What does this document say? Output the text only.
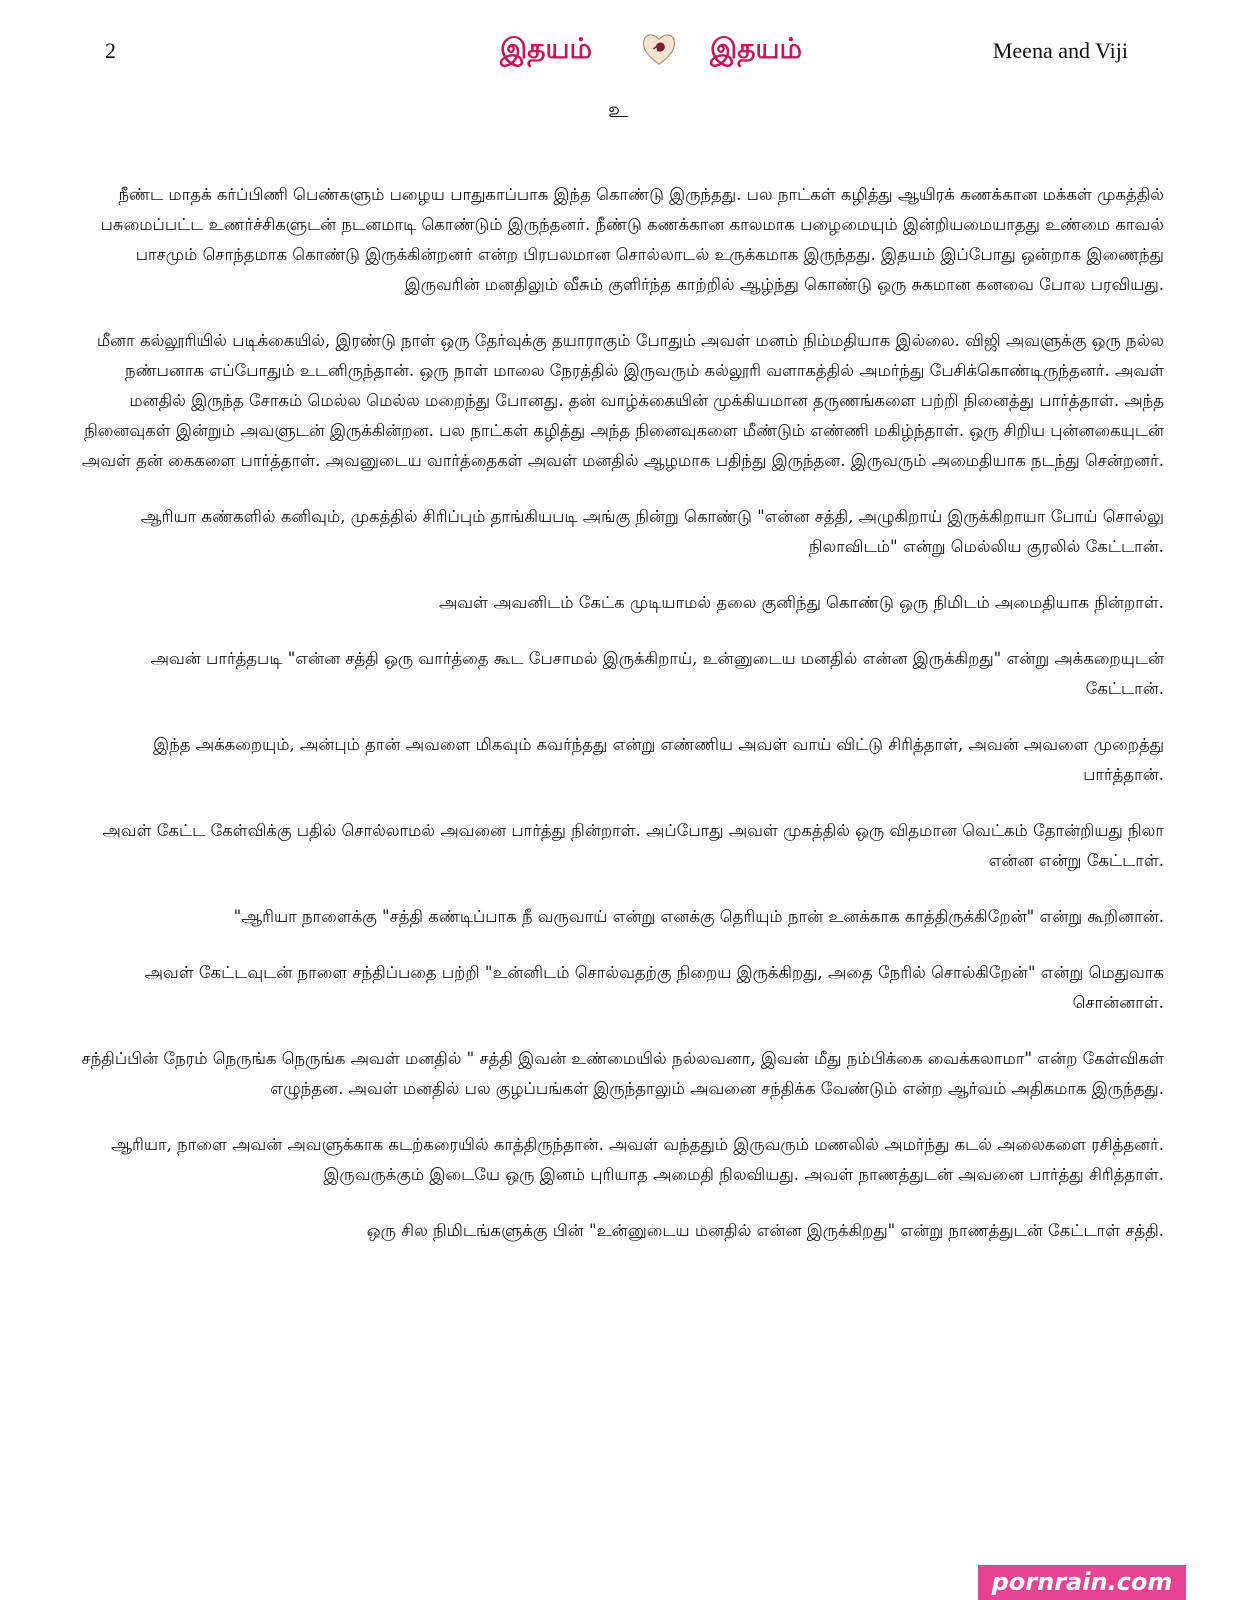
2	இதயம்	இதயம்	Meena and Viji
உ

நீண்ட மாதக் கர்ப்பிணி பெண்களும் பழைய பாதுகாப்பாக இந்த கொண்டு இருந்தது. பல நாட்கள் கழித்து ஆயிரக் கணக்கான மக்கள் முகத்தில் பசுமைப்பட்ட உணர்ச்சிகளுடன் நடனமாடி கொண்டும் இருந்தனர். நீண்டு கணக்கான காலமாக பழைமையும் இன்றியமையாதது உண்மை காவல் பாசமும் சொந்தமாக கொண்டு இருக்கின்றனர் என்ற பிரபலமான சொல்லாடல் உருக்கமாக இருந்தது. இதயம் இப்போது ஒன்றாக இணைந்து இருவரின் மனதிலும் வீசும் குளிர்ந்த காற்றில் ஆழ்ந்து கொண்டு ஒரு சுகமான கனவை போல பரவியது.

மீனா கல்லூரியில் படிக்கையில், இரண்டு நாள் ஒரு தேர்வுக்கு தயாராகும் போதும் அவள் மனம் நிம்மதியாக இல்லை. விஜி அவளுக்கு ஒரு நல்ல நண்பனாக எப்போதும் உடனிருந்தான். ஒரு நாள் மாலை நேரத்தில் இருவரும் கல்லூரி வளாகத்தில் அமர்ந்து பேசிக்கொண்டிருந்தனர். அவள் மனதில் இருந்த சோகம் மெல்ல மெல்ல மறைந்து போனது. தன் வாழ்க்கையின் முக்கியமான தருணங்களை பற்றி நினைத்து பார்த்தாள். அந்த நினைவுகள் இன்றும் அவளுடன் இருக்கின்றன. பல நாட்கள் கழித்து அந்த நினைவுகளை மீண்டும் எண்ணி மகிழ்ந்தாள். ஒரு சிறிய புன்னகையுடன் அவள் தன் கைகளை பார்த்தாள். அவனுடைய வார்த்தைகள் அவள் மனதில் ஆழமாக பதிந்து இருந்தன. இருவரும் அமைதியாக நடந்து சென்றனர்.

ஆரியா கண்களில் கனிவும், முகத்தில் சிரிப்பும் தாங்கியபடி அங்கு நின்று கொண்டு "என்ன சத்தி, அழுகிறாய் இருக்கிறாயா போய் சொல்லு நிலாவிடம்" என்று மெல்லிய குரலில் கேட்டான்.

அவள் அவனிடம் கேட்க முடியாமல் தலை குனிந்து கொண்டு ஒரு நிமிடம் அமைதியாக நின்றாள்.

அவன் பார்த்தபடி "என்ன சத்தி ஒரு வார்த்தை கூட பேசாமல் இருக்கிறாய், உன்னுடைய மனதில் என்ன இருக்கிறது" என்று அக்கறையுடன் கேட்டான்.

இந்த அக்கறையும், அன்பும் தான் அவளை மிகவும் கவர்ந்தது என்று எண்ணிய அவள் வாய் விட்டு சிரித்தாள், அவன் அவளை முறைத்து பார்த்தான்.

அவள் கேட்ட கேள்விக்கு பதில் சொல்லாமல் அவனை பார்த்து நின்றாள். அப்போது அவள் முகத்தில் ஒரு விதமான வெட்கம் தோன்றியது நிலா என்ன என்று கேட்டாள்.

"ஆரியா நாளைக்கு "சத்தி கண்டிப்பாக நீ வருவாய் என்று எனக்கு தெரியும் நான் உனக்காக காத்திருக்கிறேன்" என்று கூறினான்.

அவள் கேட்டவுடன் நாளை சந்திப்பதை பற்றி "உன்னிடம் சொல்வதற்கு நிறைய இருக்கிறது, அதை நேரில் சொல்கிறேன்" என்று மெதுவாக சொன்னாள்.

சந்திப்பின் நேரம் நெருங்க நெருங்க அவள் மனதில் " சத்தி இவன் உண்மையில் நல்லவனா, இவன் மீது நம்பிக்கை வைக்கலாமா" என்ற கேள்விகள் எழுந்தன. அவள் மனதில் பல குழப்பங்கள் இருந்தாலும் அவனை சந்திக்க வேண்டும் என்ற ஆர்வம் அதிகமாக இருந்தது.

ஆரியா, நாளை அவன் அவளுக்காக கடற்கரையில் காத்திருந்தான். அவள் வந்ததும் இருவரும் மணலில் அமர்ந்து கடல் அலைகளை ரசித்தனர். இருவருக்கும் இடையே ஒரு இனம் புரியாத அமைதி நிலவியது. அவள் நாணத்துடன் அவனை பார்த்து சிரித்தாள்.

ஒரு சில நிமிடங்களுக்கு பின் "உன்னுடைய மனதில் என்ன இருக்கிறது" என்று நாணத்துடன் கேட்டாள் சத்தி.

pornrain.com
